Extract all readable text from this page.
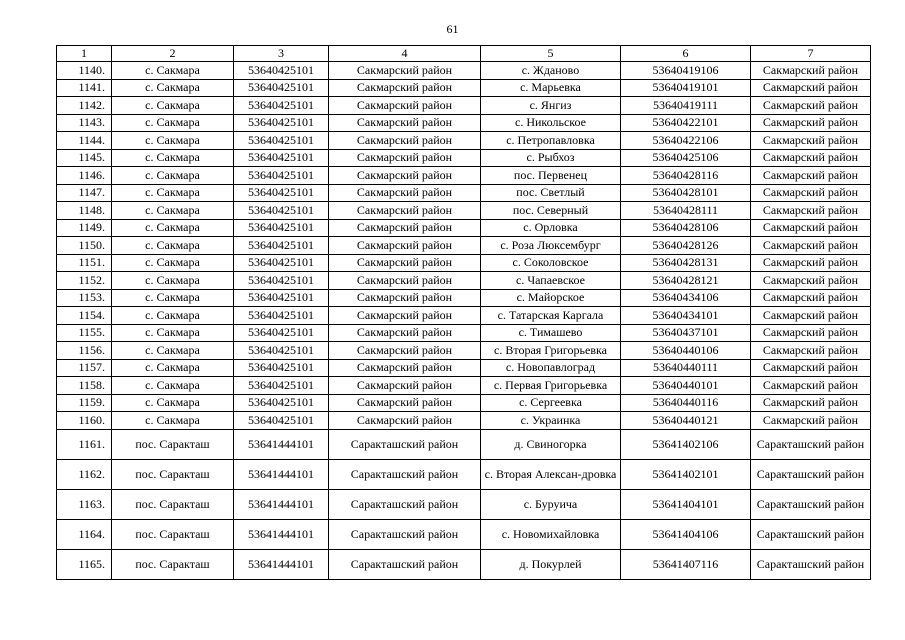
61
1	2	3	4	5	6	7
1140.	с. Сакмара	53640425101	Сакмарский район	с. Жданово	53640419106	Сакмарский район
1141.	с. Сакмара	53640425101	Сакмарский район	с. Марьевка	53640419101	Сакмарский район
1142.	с. Сакмара	53640425101	Сакмарский район	с. Янгиз	53640419111	Сакмарский район
1143.	с. Сакмара	53640425101	Сакмарский район	с. Никольское	53640422101	Сакмарский район
1144.	с. Сакмара	53640425101	Сакмарский район	с. Петропавловка	53640422106	Сакмарский район
1145.	с. Сакмара	53640425101	Сакмарский район	с. Рыбхоз	53640425106	Сакмарский район
1146.	с. Сакмара	53640425101	Сакмарский район	пос. Первенец	53640428116	Сакмарский район
1147.	с. Сакмара	53640425101	Сакмарский район	пос. Светлый	53640428101	Сакмарский район
1148.	с. Сакмара	53640425101	Сакмарский район	пос. Северный	53640428111	Сакмарский район
1149.	с. Сакмара	53640425101	Сакмарский район	с. Орловка	53640428106	Сакмарский район
1150.	с. Сакмара	53640425101	Сакмарский район	с. Роза Люксембург	53640428126	Сакмарский район
1151.	с. Сакмара	53640425101	Сакмарский район	с. Соколовское	53640428131	Сакмарский район
1152.	с. Сакмара	53640425101	Сакмарский район	с. Чапаевское	53640428121	Сакмарский район
1153.	с. Сакмара	53640425101	Сакмарский район	с. Майорское	53640434106	Сакмарский район
1154.	с. Сакмара	53640425101	Сакмарский район	с. Татарская Каргала	53640434101	Сакмарский район
1155.	с. Сакмара	53640425101	Сакмарский район	с. Тимашево	53640437101	Сакмарский район
1156.	с. Сакмара	53640425101	Сакмарский район	с. Вторая Григорьевка	53640440106	Сакмарский район
1157.	с. Сакмара	53640425101	Сакмарский район	с. Новопавлоград	53640440111	Сакмарский район
1158.	с. Сакмара	53640425101	Сакмарский район	с. Первая Григорьевка	53640440101	Сакмарский район
1159.	с. Сакмара	53640425101	Сакмарский район	с. Сергеевка	53640440116	Сакмарский район
1160.	с. Сакмара	53640425101	Сакмарский район	с. Украинка	53640440121	Сакмарский район
1161.	пос. Саракташ	53641444101	Саракташский район	д. Свиногорка	53641402106	Саракташский район
1162.	пос. Саракташ	53641444101	Саракташский район	с. Вторая Алексан-дровка	53641402101	Саракташский район
1163.	пос. Саракташ	53641444101	Саракташский район	с. Буруича	53641404101	Саракташский район
1164.	пос. Саракташ	53641444101	Саракташский район	с. Новомихайловка	53641404106	Саракташский район
1165.	пос. Саракташ	53641444101	Саракташский район	д. Покурлей	53641407116	Саракташский район
